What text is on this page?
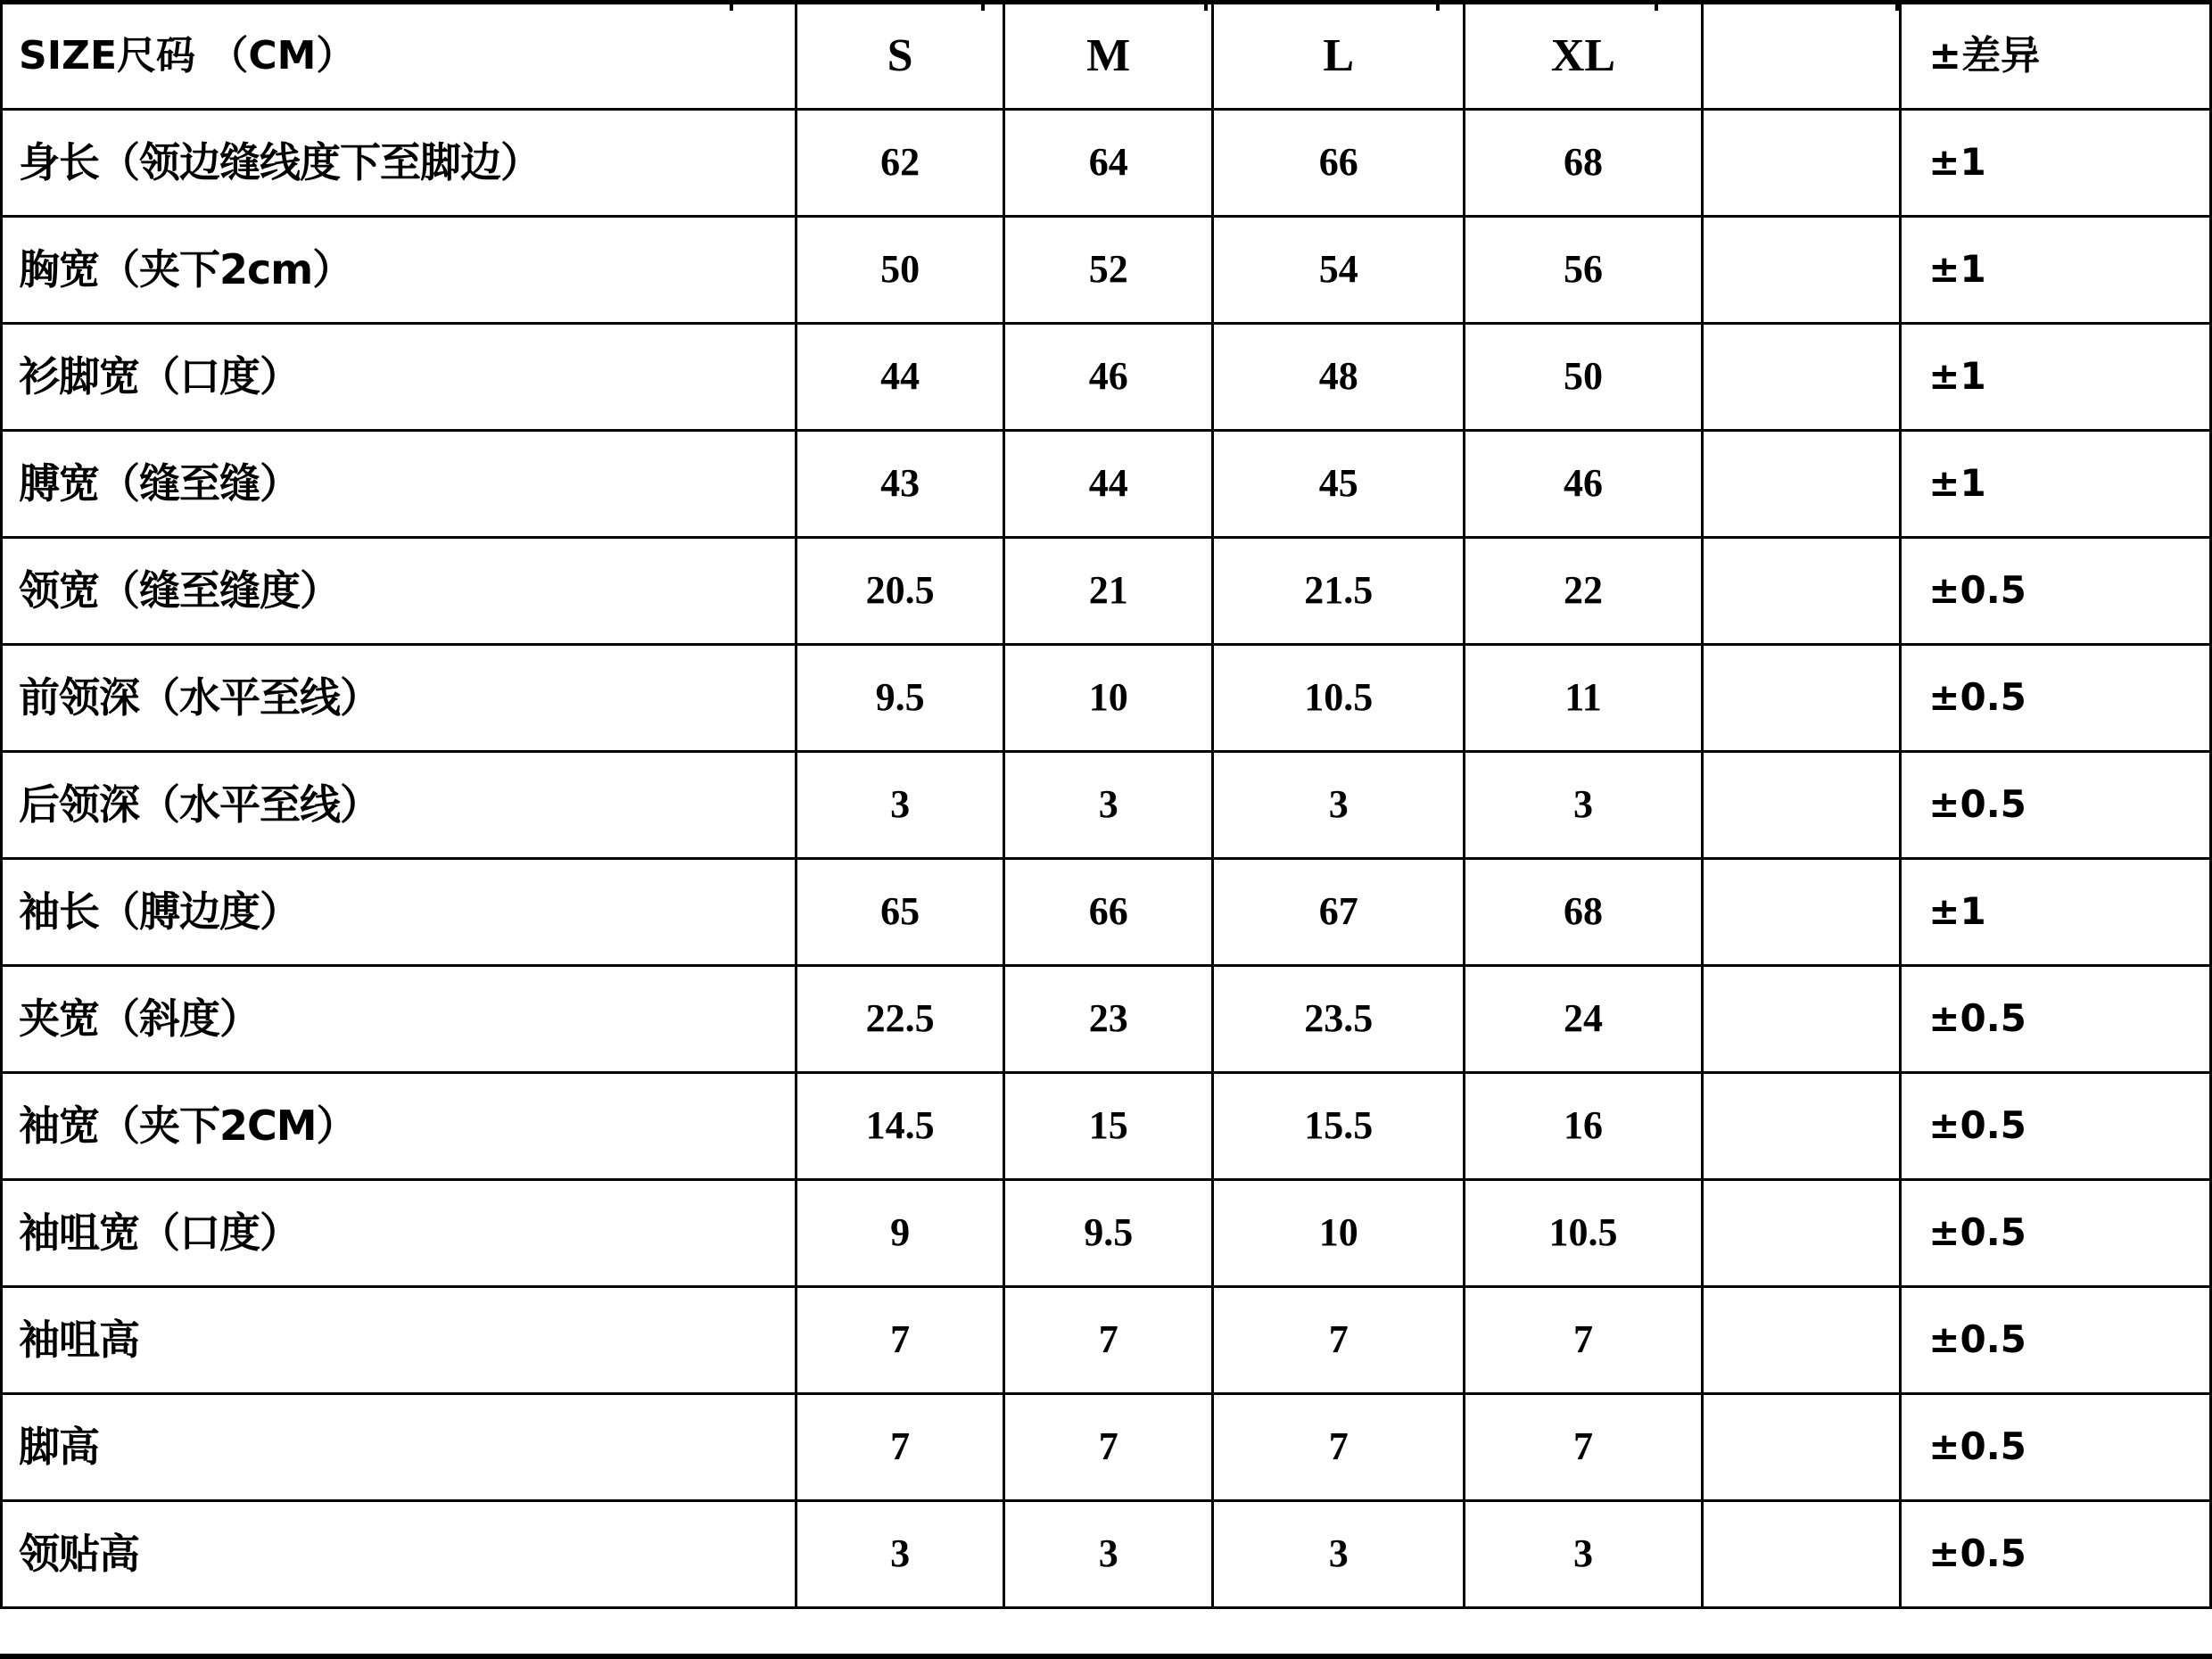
SIZE尺码 （CM）	S	M	L	XL		±差异
身长（领边缝线度下至脚边）	62	64	66	68		±1
胸宽（夹下2cm）	50	52	54	56		±1
衫脚宽（口度）	44	46	48	50		±1
膊宽（缝至缝）	43	44	45	46		±1
领宽（缝至缝度）	20.5	21	21.5	22		±0.5
前领深（水平至线）	9.5	10	10.5	11		±0.5
后领深（水平至线）	3	3	3	3		±0.5
袖长（膊边度）	65	66	67	68		±1
夹宽（斜度）	22.5	23	23.5	24		±0.5
袖宽（夹下2CM）	14.5	15	15.5	16		±0.5
袖咀宽（口度）	9	9.5	10	10.5		±0.5
袖咀高	7	7	7	7		±0.5
脚高	7	7	7	7		±0.5
领贴高	3	3	3	3		±0.5
